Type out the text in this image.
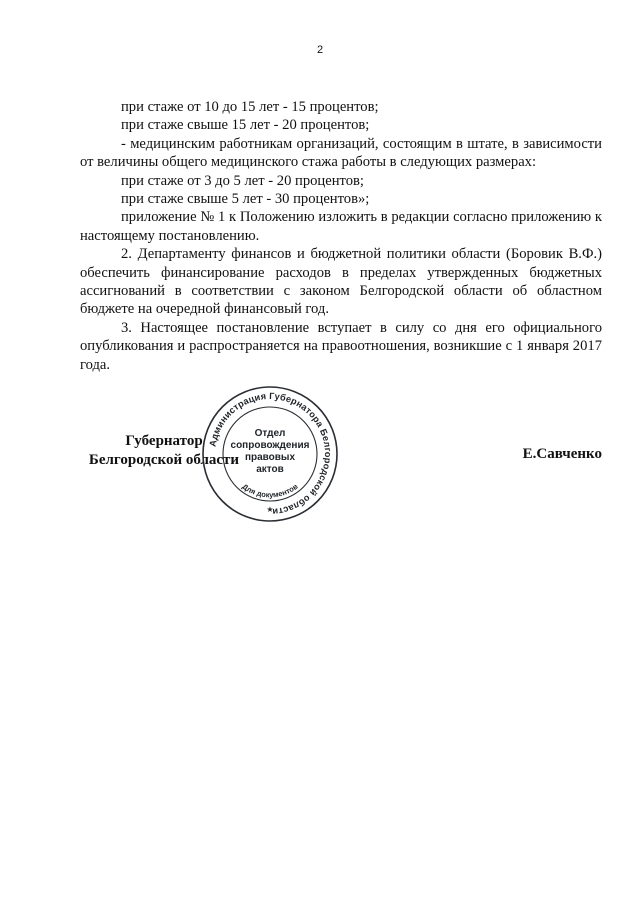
2

при стаже от 10 до 15 лет - 15 процентов;

при стаже свыше 15 лет - 20 процентов;

- медицинским работникам организаций, состоящим в штате, в зависимости от величины общего медицинского стажа работы в следующих размерах:

при стаже от 3 до 5 лет - 20 процентов;

при стаже свыше 5 лет - 30 процентов»;

приложение № 1 к Положению изложить в редакции согласно приложению к настоящему постановлению.

2. Департаменту финансов и бюджетной политики области (Боровик В.Ф.) обеспечить финансирование расходов в пределах утвержденных бюджетных ассигнований в соответствии с законом Белгородской области об областном бюджете на очередной финансовый год.

3. Настоящее постановление вступает в силу со дня его официального опубликования и распространяется на правоотношения, возникшие с 1 января 2017 года.

Губернатор
Белгородской области	Е.Савченко
Администрация Губернатора Белгородской области
Отдел
сопровождения
правовых
актов
Для документов
★
